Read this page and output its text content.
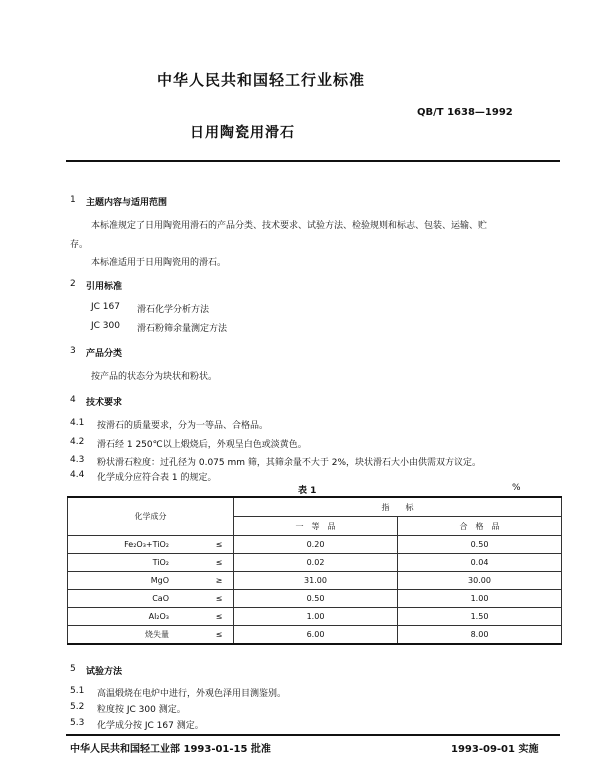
中华人民共和国轻工行业标准
QB/T 1638—1992
日用陶瓷用滑石
1 主题内容与适用范围
本标准规定了日用陶瓷用滑石的产品分类、技术要求、试验方法、检验规则和标志、包装、运输、贮
存。
本标准适用于日用陶瓷用的滑石。
2 引用标准
JC 167 滑石化学分析方法
JC 300 滑石粉筛余量测定方法
3 产品分类
按产品的状态分为块状和粉状。
4 技术要求
4.1 按滑石的质量要求，分为一等品、合格品。
4.2 滑石经 1 250℃以上煅烧后，外观呈白色或淡黄色。
4.3 粉状滑石粒度：过孔径为 0.075 mm 筛，其筛余量不大于 2%，块状滑石大小由供需双方议定。
4.4 化学成分应符合表 1 的规定。
表 1	%
化学成分		指　　标	
		一　等　品	合　格　品
Fe₂O₃+TiO₂	≤	0.20	0.50
TiO₂	≤	0.02	0.04
MgO	≥	31.00	30.00
CaO	≤	0.50	1.00
Al₂O₃	≤	1.00	1.50
烧失量	≤	6.00	8.00
5 试验方法
5.1 高温煅烧在电炉中进行，外观色泽用目测鉴别。
5.2 粒度按 JC 300 测定。
5.3 化学成分按 JC 167 测定。
中华人民共和国轻工业部 1993-01-15 批准	1993-09-01 实施
